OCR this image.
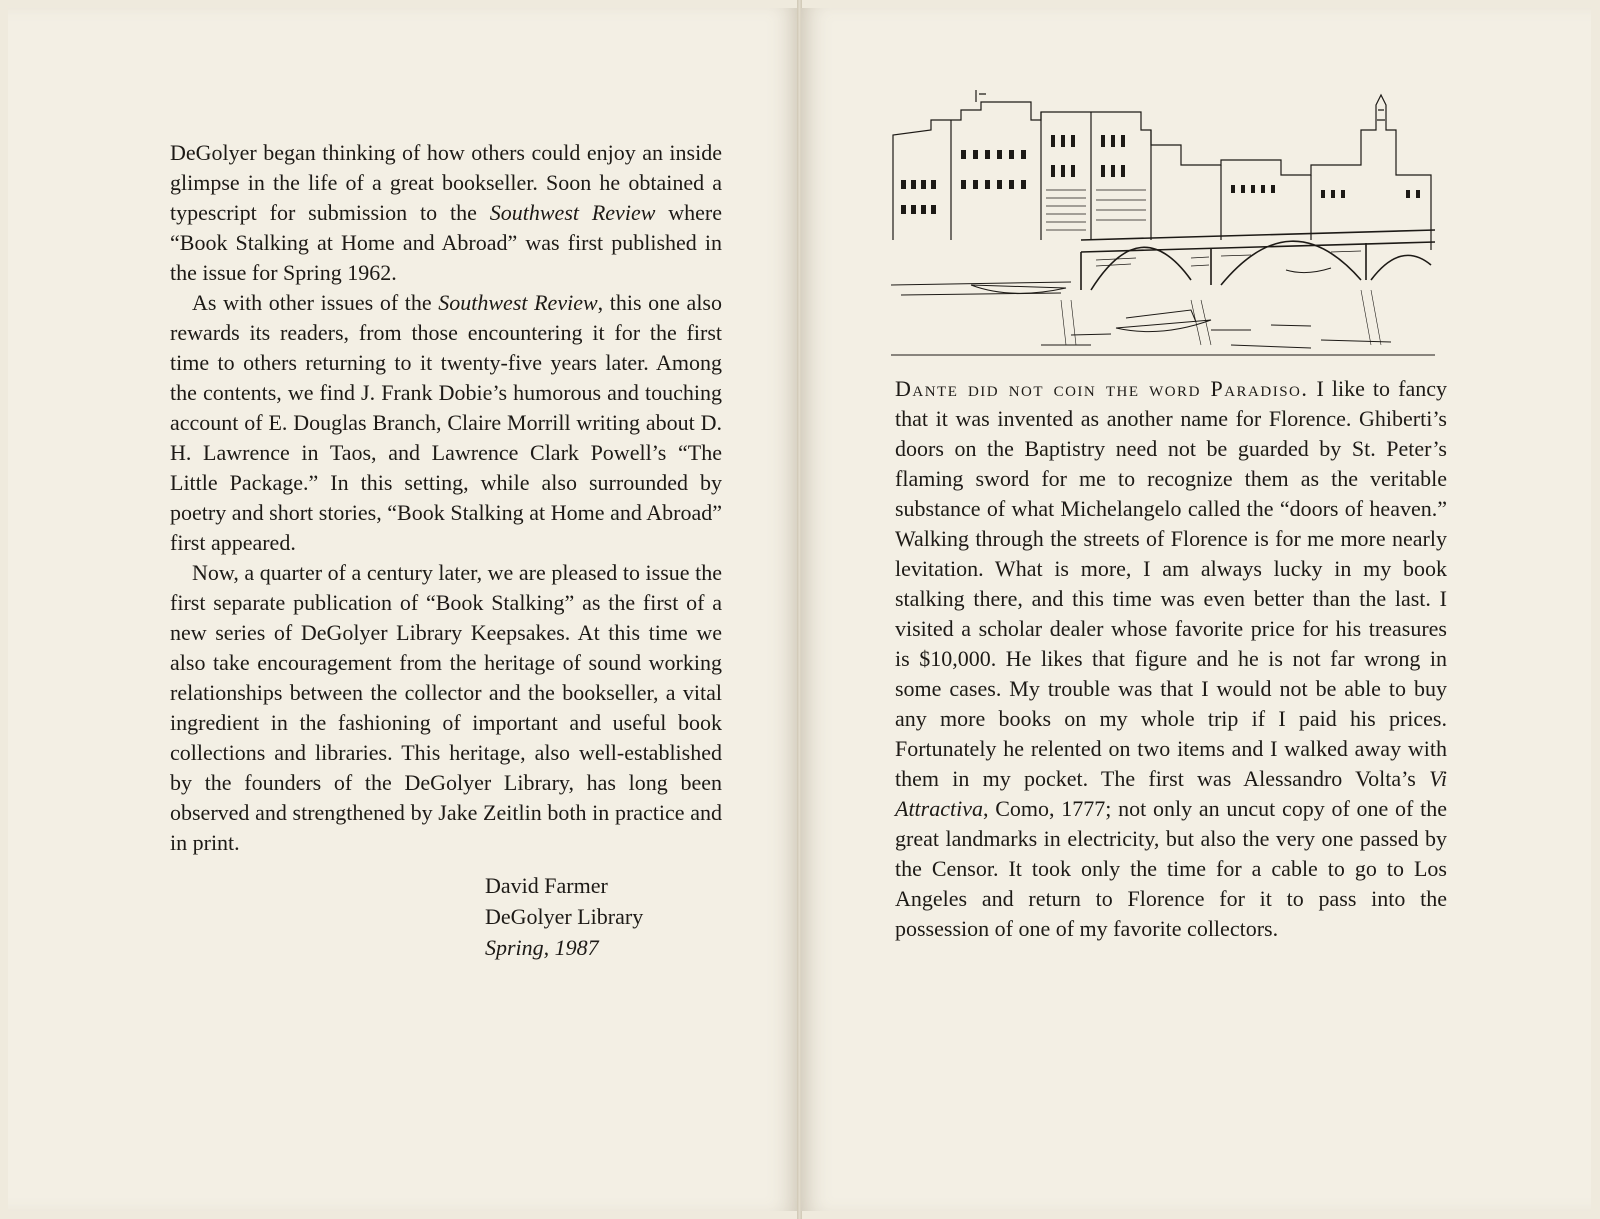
DeGolyer began thinking of how others could enjoy an inside glimpse in the life of a great bookseller. Soon he obtained a typescript for submission to the Southwest Review where “Book Stalking at Home and Abroad” was first published in the issue for Spring 1962.

As with other issues of the Southwest Review, this one also rewards its readers, from those encountering it for the first time to others returning to it twenty-five years later. Among the contents, we find J. Frank Dobie’s humorous and touching account of E. Douglas Branch, Claire Morrill writing about D. H. Lawrence in Taos, and Lawrence Clark Powell’s “The Little Package.” In this setting, while also surrounded by poetry and short stories, “Book Stalking at Home and Abroad” first appeared.

Now, a quarter of a century later, we are pleased to issue the first separate publication of “Book Stalking” as the first of a new series of DeGolyer Library Keepsakes. At this time we also take encouragement from the heritage of sound working relationships between the collector and the bookseller, a vital ingredient in the fashioning of important and useful book collections and libraries. This heritage, also well-established by the founders of the DeGolyer Library, has long been observed and strengthened by Jake Zeitlin both in practice and in print.

David Farmer
DeGolyer Library
Spring, 1987

Dante did not coin the word Paradiso. I like to fancy that it was invented as another name for Florence. Ghiberti’s doors on the Baptistry need not be guarded by St. Peter’s flaming sword for me to recognize them as the veritable substance of what Michelangelo called the “doors of heaven.” Walking through the streets of Florence is for me more nearly levitation. What is more, I am always lucky in my book stalking there, and this time was even better than the last. I visited a scholar dealer whose favorite price for his treasures is $10,000. He likes that figure and he is not far wrong in some cases. My trouble was that I would not be able to buy any more books on my whole trip if I paid his prices. Fortunately he relented on two items and I walked away with them in my pocket. The first was Alessandro Volta’s Vi Attractiva, Como, 1777; not only an uncut copy of one of the great landmarks in electricity, but also the very one passed by the Censor. It took only the time for a cable to go to Los Angeles and return to Florence for it to pass into the possession of one of my favorite collectors.
